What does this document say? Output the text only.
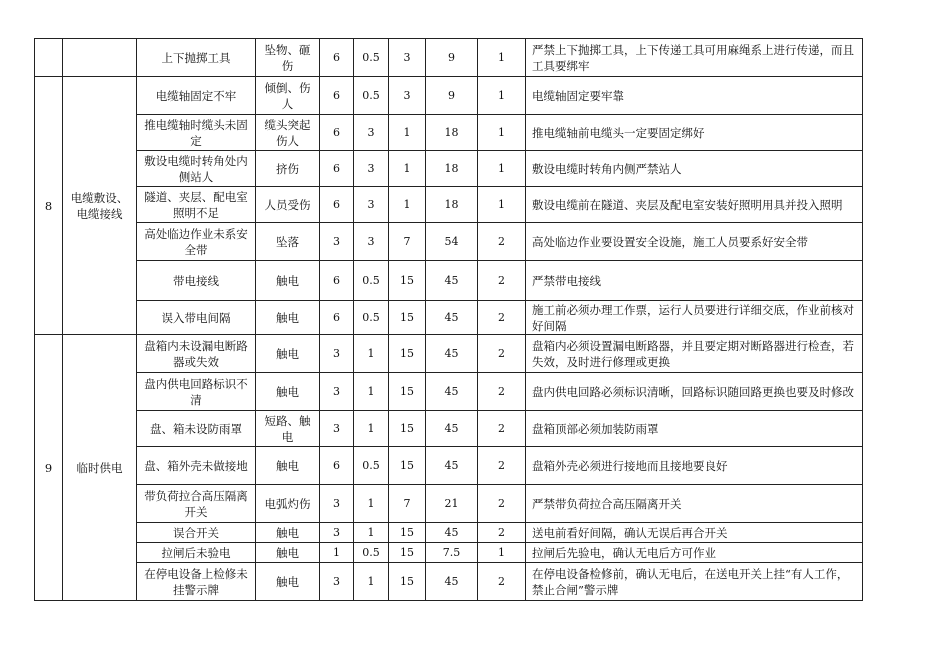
		上下抛掷工具	坠物、砸伤	6	0.5	3	9	1	严禁上下抛掷工具，上下传递工具可用麻绳系上进行传递，而且工具要绑牢
8	电缆敷设、电缆接线	电缆轴固定不牢	倾倒、伤人	6	0.5	3	9	1	电缆轴固定要牢靠
		推电缆轴时缆头未固定	缆头突起伤人	6	3	1	18	1	推电缆轴前电缆头一定要固定绑好
		敷设电缆时转角处内侧站人	挤伤	6	3	1	18	1	敷设电缆时转角内侧严禁站人
		隧道、夹层、配电室照明不足	人员受伤	6	3	1	18	1	敷设电缆前在隧道、夹层及配电室安装好照明用具并投入照明
		高处临边作业未系安全带	坠落	3	3	7	54	2	高处临边作业要设置安全设施，施工人员要系好安全带
		带电接线	触电	6	0.5	15	45	2	严禁带电接线
		误入带电间隔	触电	6	0.5	15	45	2	施工前必须办理工作票，运行人员要进行详细交底，作业前核对好间隔
9	临时供电	盘箱内未设漏电断路器或失效	触电	3	1	15	45	2	盘箱内必须设置漏电断路器，并且要定期对断路器进行检查，若失效，及时进行修理或更换
		盘内供电回路标识不清	触电	3	1	15	45	2	盘内供电回路必须标识清晰，回路标识随回路更换也要及时修改
		盘、箱未设防雨罩	短路、触电	3	1	15	45	2	盘箱顶部必须加装防雨罩
		盘、箱外壳未做接地	触电	6	0.5	15	45	2	盘箱外壳必须进行接地而且接地要良好
		带负荷拉合高压隔离开关	电弧灼伤	3	1	7	21	2	严禁带负荷拉合高压隔离开关
		误合开关	触电	3	1	15	45	2	送电前看好间隔，确认无误后再合开关
		拉闸后未验电	触电	1	0.5	15	7.5	1	拉闸后先验电，确认无电后方可作业
		在停电设备上检修未挂警示牌	触电	3	1	15	45	2	在停电设备检修前，确认无电后，在送电开关上挂“有人工作，禁止合闸”警示牌
